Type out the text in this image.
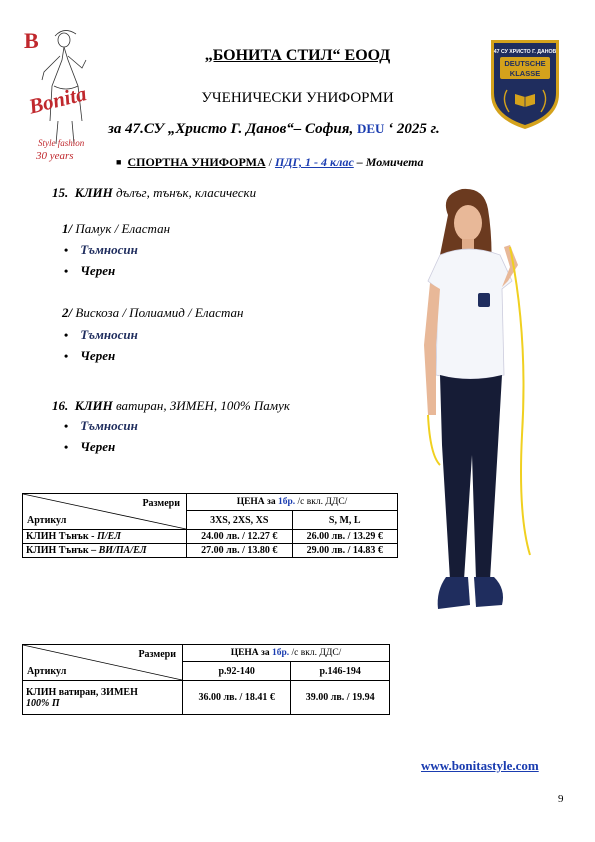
B
Bonita
Style fashion
30 years
47 СУ ХРИСТО Г. ДАНОВ
DEUTSCHE
KLASSE
„БОНИТА СТИЛ“ ЕООД
УЧЕНИЧЕСКИ УНИФОРМИ
за 47.СУ „Христо Г. Данов“– София, DEU ‘ 2025 г.
■ СПОРТНА УНИФОРМА / ПДГ, 1 - 4 клас – Момичета
15. КЛИН дълъг, тънък, класически
1/ Памук / Еластан
• Тъмносин
• Черен
2/ Вискоза / Полиамид / Еластан
• Тъмносин
• Черен
16. КЛИН ватиран, ЗИМЕН, 100% Памук
• Тъмносин
• Черен
Размери
Артикул	ЦЕНА за 1бр. /с вкл. ДДС/	
	3XS, 2XS, XS	S, M, L
КЛИН Тънък - П/ЕЛ	24.00 лв. / 12.27 €	26.00 лв. / 13.29 €
КЛИН Тънък – ВИ/ПА/ЕЛ	27.00 лв. / 13.80 €	29.00 лв. / 14.83 €
Размери
Артикул	ЦЕНА за 1бр. /с вкл. ДДС/	
	р.92-140	р.146-194
КЛИН ватиран, ЗИМЕН
100% П	36.00 лв. / 18.41 €	39.00 лв. / 19.94
www.bonitastyle.com
9
